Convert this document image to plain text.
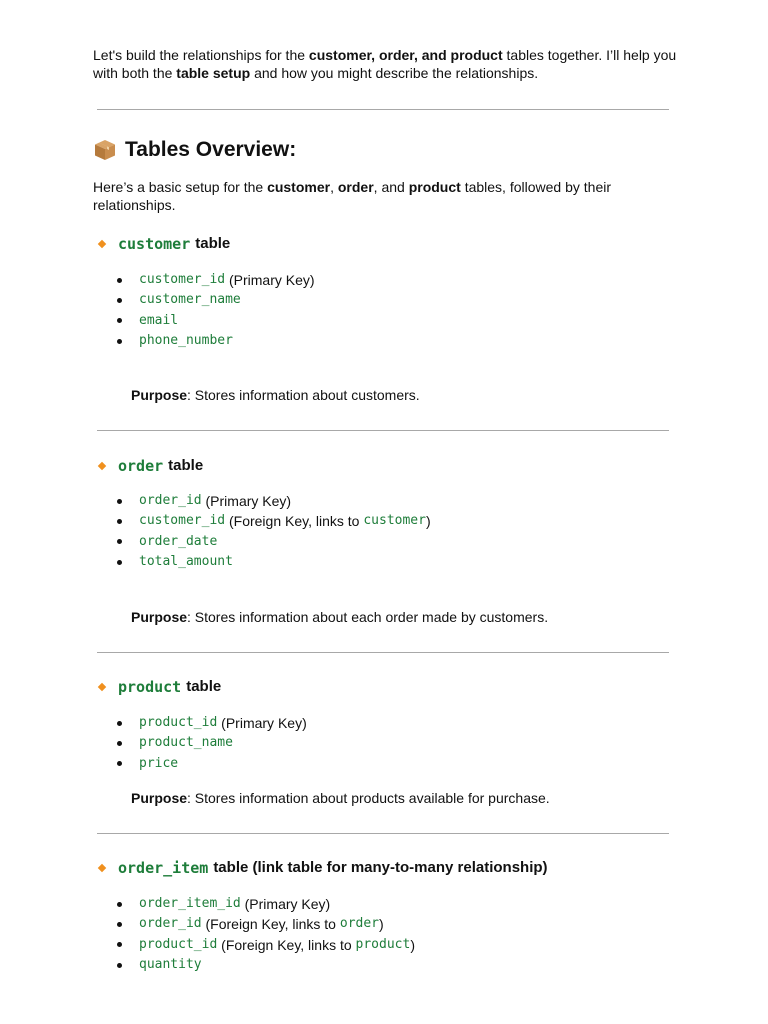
Let's build the relationships for the customer, order, and product tables together. I’ll help you with both the table setup and how you might describe the relationships.
Tables Overview:
Here’s a basic setup for the customer, order, and product tables, followed by their relationships.
customer table
customer_id (Primary Key)
customer_name
email
phone_number
Purpose: Stores information about customers.
order table
order_id (Primary Key)
customer_id (Foreign Key, links to customer )
order_date
total_amount
Purpose: Stores information about each order made by customers.
product table
product_id (Primary Key)
product_name
price
Purpose: Stores information about products available for purchase.
order_item table (link table for many-to-many relationship)
order_item_id (Primary Key)
order_id (Foreign Key, links to order )
product_id (Foreign Key, links to product )
quantity
